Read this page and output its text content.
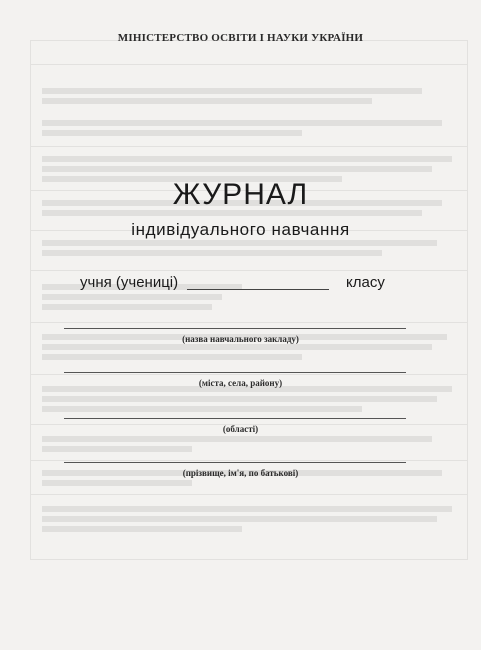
МІНІСТЕРСТВО ОСВІТИ І НАУКИ УКРАЇНИ
ЖУРНАЛ
індивідуального навчання
учня (учениці)	класу
(назва навчального закладу)
(міста, села, району)
(області)
(прізвище, ім'я, по батькові)
